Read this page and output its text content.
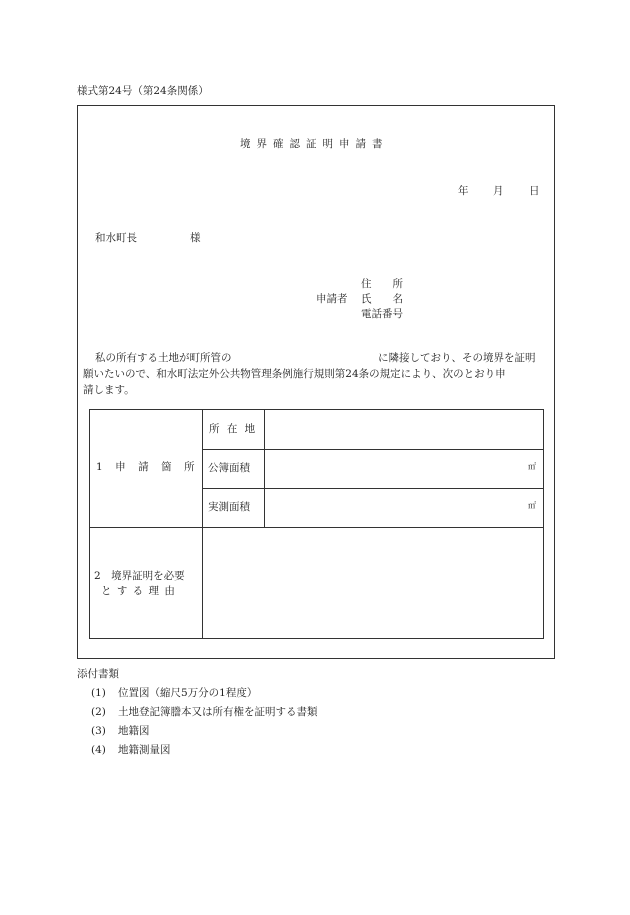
様式第24号（第24条関係）
境界確認証明申請書
年 月 日
和水町長	様
住　　所
申請者 氏　　名
電話番号
私の所有する土地が町所管の	に隣接しており、その境界を証明
願いたいので、和水町法定外公共物管理条例施行規則第24条の規定により、次のとおり申
請します。
1　申　請　箇　所
所 在 地
公簿面積
実測面積
㎡
㎡
2　境界証明を必要
と す る 理 由
添付書類
(1) 位置図（縮尺5万分の1程度）
(2) 土地登記簿謄本又は所有権を証明する書類
(3) 地籍図
(4) 地籍測量図
